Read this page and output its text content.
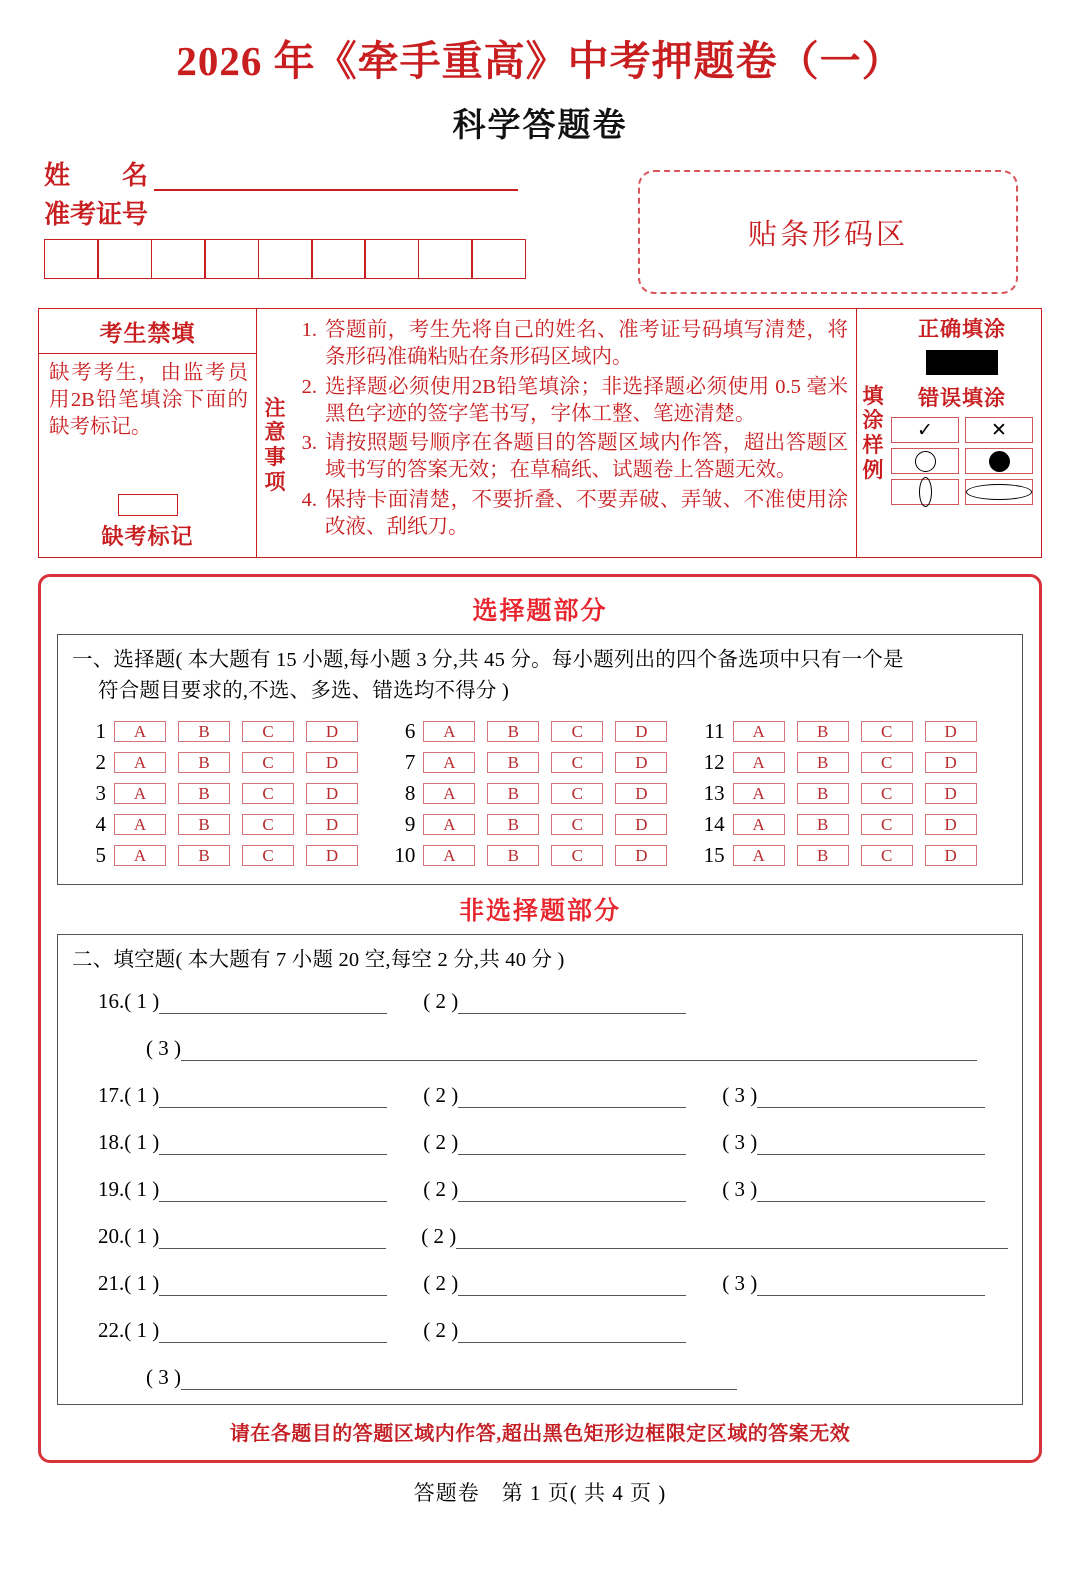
2026 年《牵手重高》中考押题卷（一）
科学答题卷
姓　　名
准考证号
贴条形码区
考生禁填
缺考考生，由监考员用2B铅笔填涂下面的缺考标记。
缺考标记
注
意
事
项
1. 答题前，考生先将自己的姓名、准考证号码填写清楚，将条形码准确粘贴在条形码区域内。
2. 选择题必须使用2B铅笔填涂；非选择题必须使用 0.5 毫米黑色字迹的签字笔书写，字体工整、笔迹清楚。
3. 请按照题号顺序在各题目的答题区域内作答，超出答题区域书写的答案无效；在草稿纸、试题卷上答题无效。
4. 保持卡面清楚，不要折叠、不要弄破、弄皱、不准使用涂改液、刮纸刀。
填
涂
样
例
正确填涂
错误填涂
✓	✕
选择题部分
一、选择题( 本大题有 15 小题,每小题 3 分,共 45 分。每小题列出的四个备选项中只有一个是
符合题目要求的,不选、多选、错选均不得分 )
1	A	B	C	D
2	A	B	C	D
3	A	B	C	D
4	A	B	C	D
5	A	B	C	D
6	A	B	C	D
7	A	B	C	D
8	A	B	C	D
9	A	B	C	D
10	A	B	C	D
11	A	B	C	D
12	A	B	C	D
13	A	B	C	D
14	A	B	C	D
15	A	B	C	D
非选择题部分
二、填空题( 本大题有 7 小题 20 空,每空 2 分,共 40 分 )
16. ( 1 )	( 2 )
( 3 )
17. ( 1 )	( 2 )	( 3 )
18. ( 1 )	( 2 )	( 3 )
19. ( 1 )	( 2 )	( 3 )
20. ( 1 )	( 2 )
21. ( 1 )	( 2 )	( 3 )
22. ( 1 )	( 2 )
( 3 )
请在各题目的答题区域内作答,超出黑色矩形边框限定区域的答案无效
答题卷　第 1 页( 共 4 页 )
